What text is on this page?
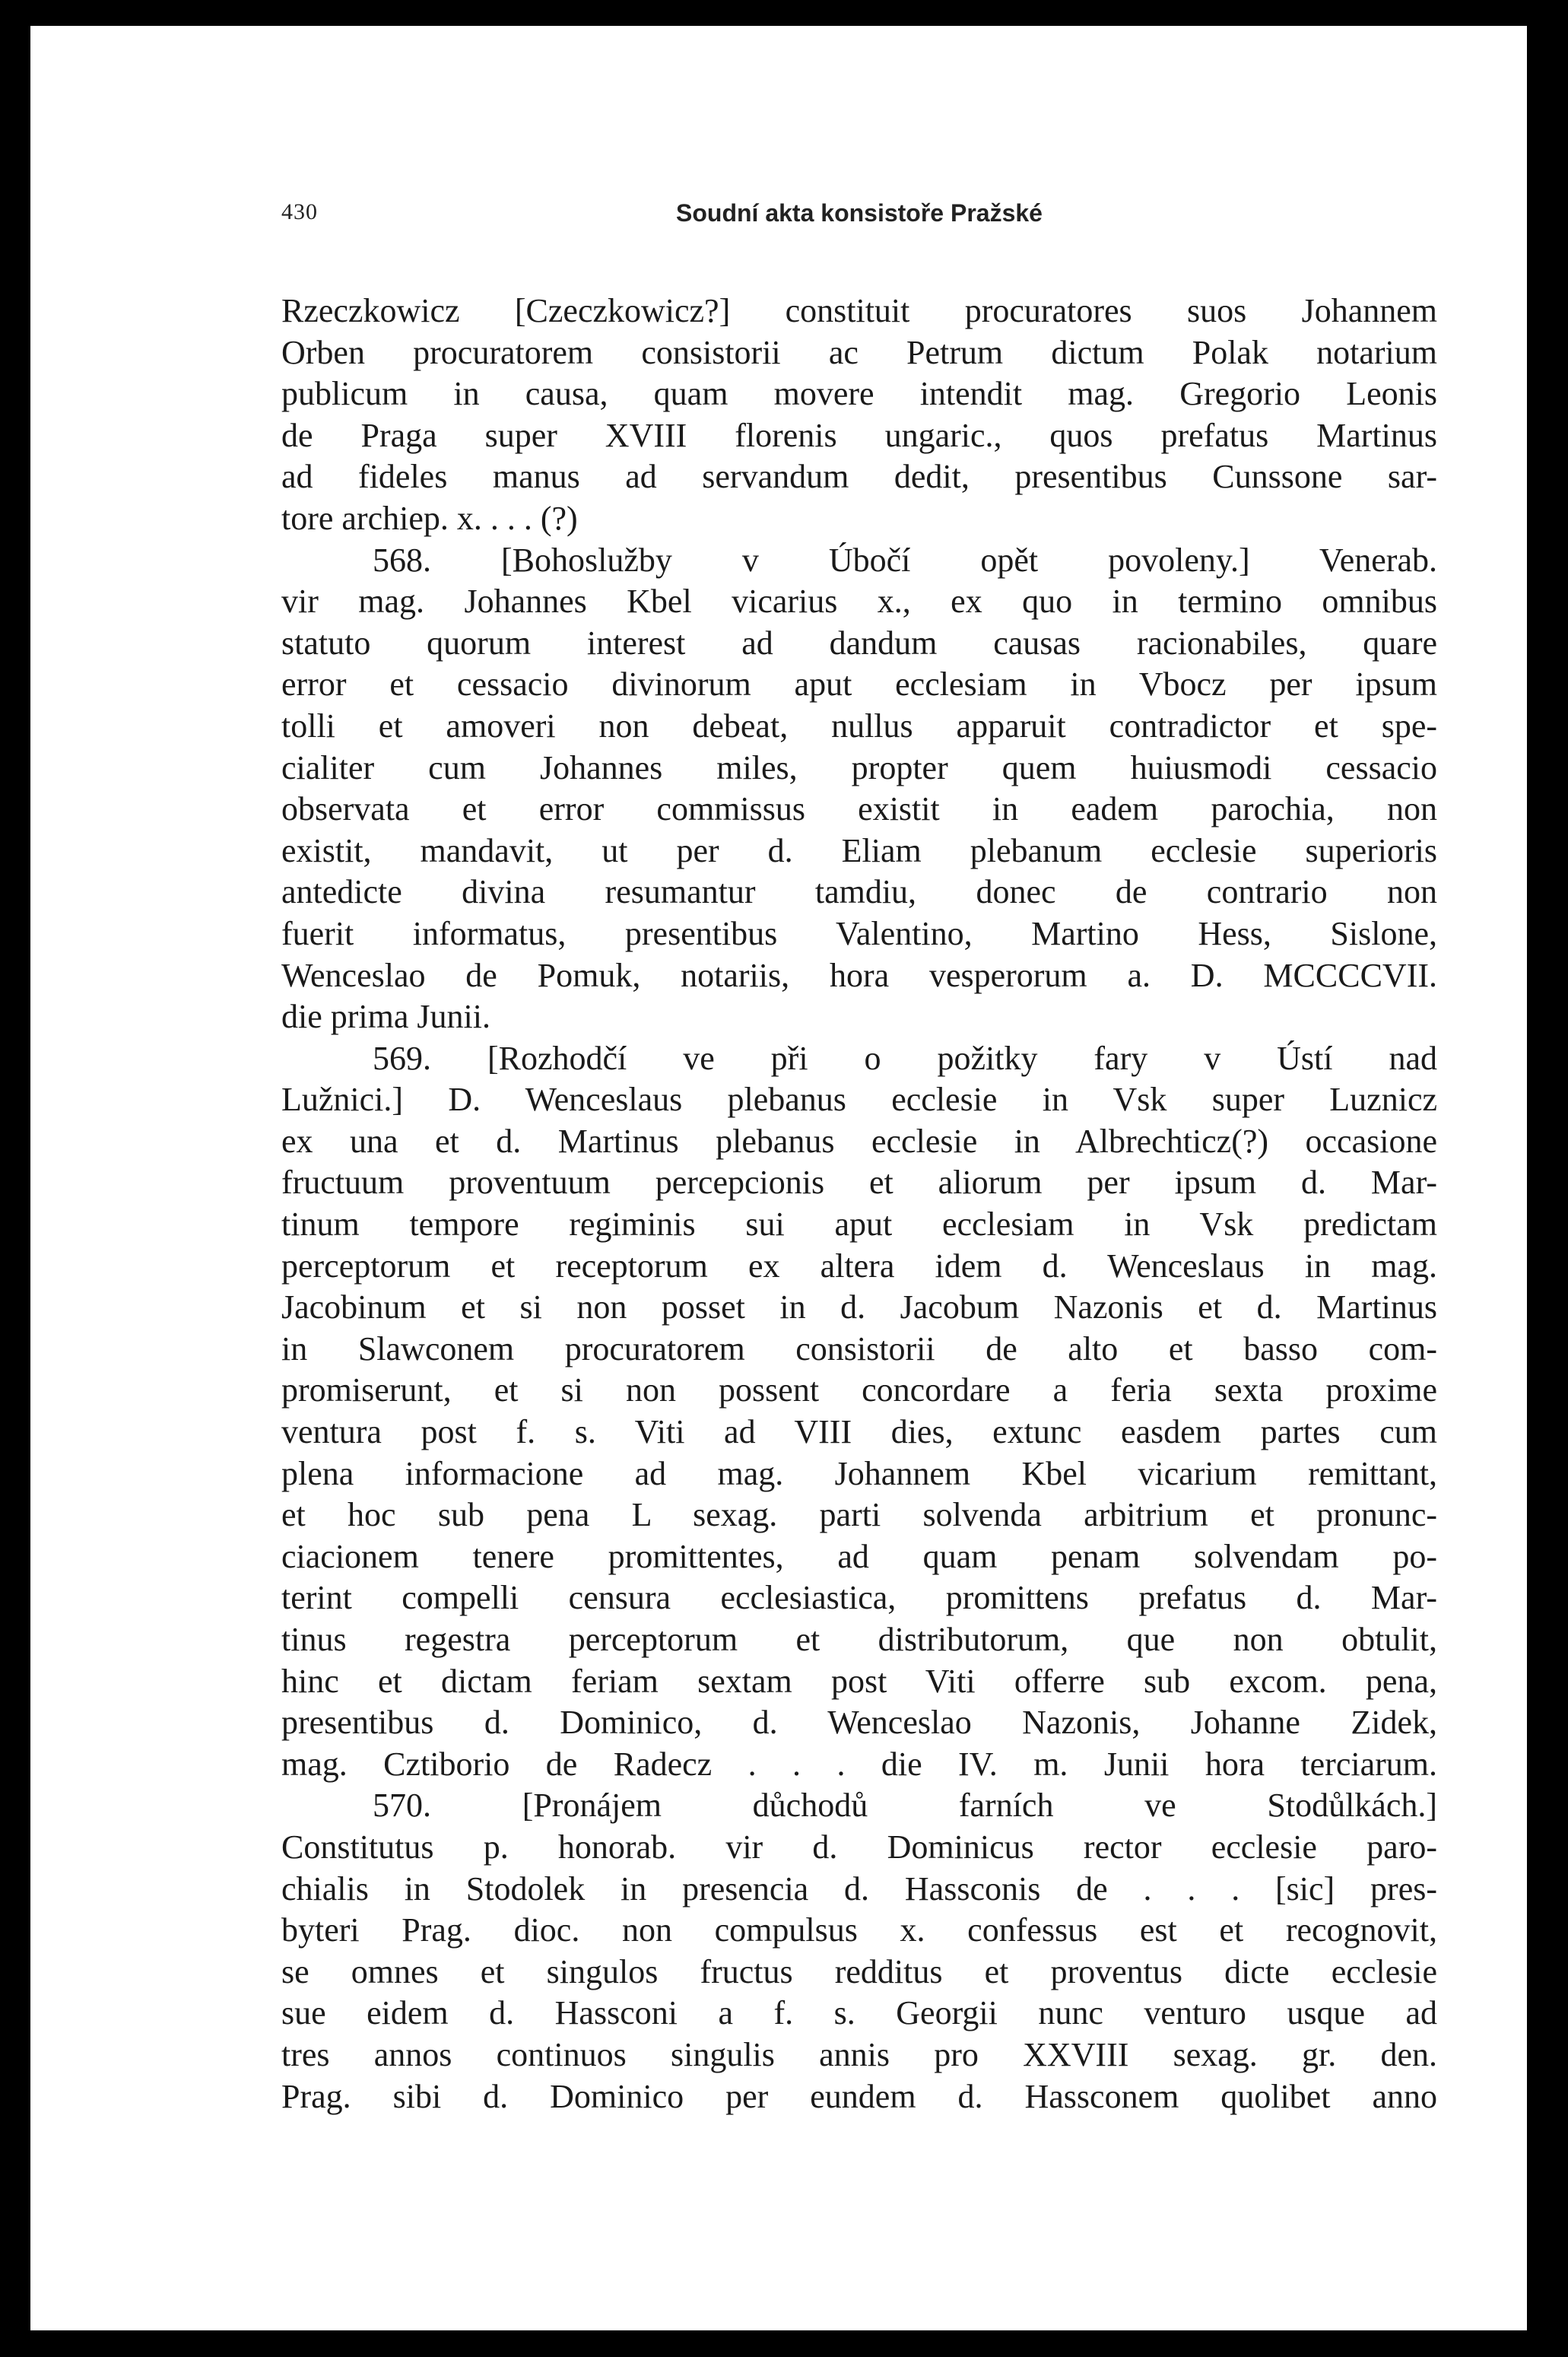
430	Soudní akta konsistoře Pražské
Rzeczkowicz [Czeczkowicz?] constituit procuratores suos Johannem
Orben procuratorem consistorii ac Petrum dictum Polak notarium
publicum in causa, quam movere intendit mag. Gregorio Leonis
de Praga super XVIII florenis ungaric., quos prefatus Martinus
ad fideles manus ad servandum dedit, presentibus Cunssone sar-
tore archiep. x. . . . (?)
568. [Bohoslužby v Úbočí opět povoleny.] Venerab.
vir mag. Johannes Kbel vicarius x., ex quo in termino omnibus
statuto quorum interest ad dandum causas racionabiles, quare
error et cessacio divinorum aput ecclesiam in Vbocz per ipsum
tolli et amoveri non debeat, nullus apparuit contradictor et spe-
cialiter cum Johannes miles, propter quem huiusmodi cessacio
observata et error commissus existit in eadem parochia, non
existit, mandavit, ut per d. Eliam plebanum ecclesie superioris
antedicte divina resumantur tamdiu, donec de contrario non
fuerit informatus, presentibus Valentino, Martino Hess, Sislone,
Wenceslao de Pomuk, notariis, hora vesperorum a. D. MCCCCVII.
die prima Junii.
569. [Rozhodčí ve při o požitky fary v Ústí nad
Lužnici.] D. Wenceslaus plebanus ecclesie in Vsk super Luznicz
ex una et d. Martinus plebanus ecclesie in Albrechticz(?) occasione
fructuum proventuum percepcionis et aliorum per ipsum d. Mar-
tinum tempore regiminis sui aput ecclesiam in Vsk predictam
perceptorum et receptorum ex altera idem d. Wenceslaus in mag.
Jacobinum et si non posset in d. Jacobum Nazonis et d. Martinus
in Slawconem procuratorem consistorii de alto et basso com-
promiserunt, et si non possent concordare a feria sexta proxime
ventura post f. s. Viti ad VIII dies, extunc easdem partes cum
plena informacione ad mag. Johannem Kbel vicarium remittant,
et hoc sub pena L sexag. parti solvenda arbitrium et pronunc-
ciacionem tenere promittentes, ad quam penam solvendam po-
terint compelli censura ecclesiastica, promittens prefatus d. Mar-
tinus regestra perceptorum et distributorum, que non obtulit,
hinc et dictam feriam sextam post Viti offerre sub excom. pena,
presentibus d. Dominico, d. Wenceslao Nazonis, Johanne Zidek,
mag. Cztiborio de Radecz . . . die IV. m. Junii hora terciarum.
570. [Pronájem důchodů farních ve Stodůlkách.]
Constitutus p. honorab. vir d. Dominicus rector ecclesie paro-
chialis in Stodolek in presencia d. Hassconis de . . . [sic] pres-
byteri Prag. dioc. non compulsus x. confessus est et recognovit,
se omnes et singulos fructus redditus et proventus dicte ecclesie
sue eidem d. Hassconi a f. s. Georgii nunc venturo usque ad
tres annos continuos singulis annis pro XXVIII sexag. gr. den.
Prag. sibi d. Dominico per eundem d. Hassconem quolibet anno
